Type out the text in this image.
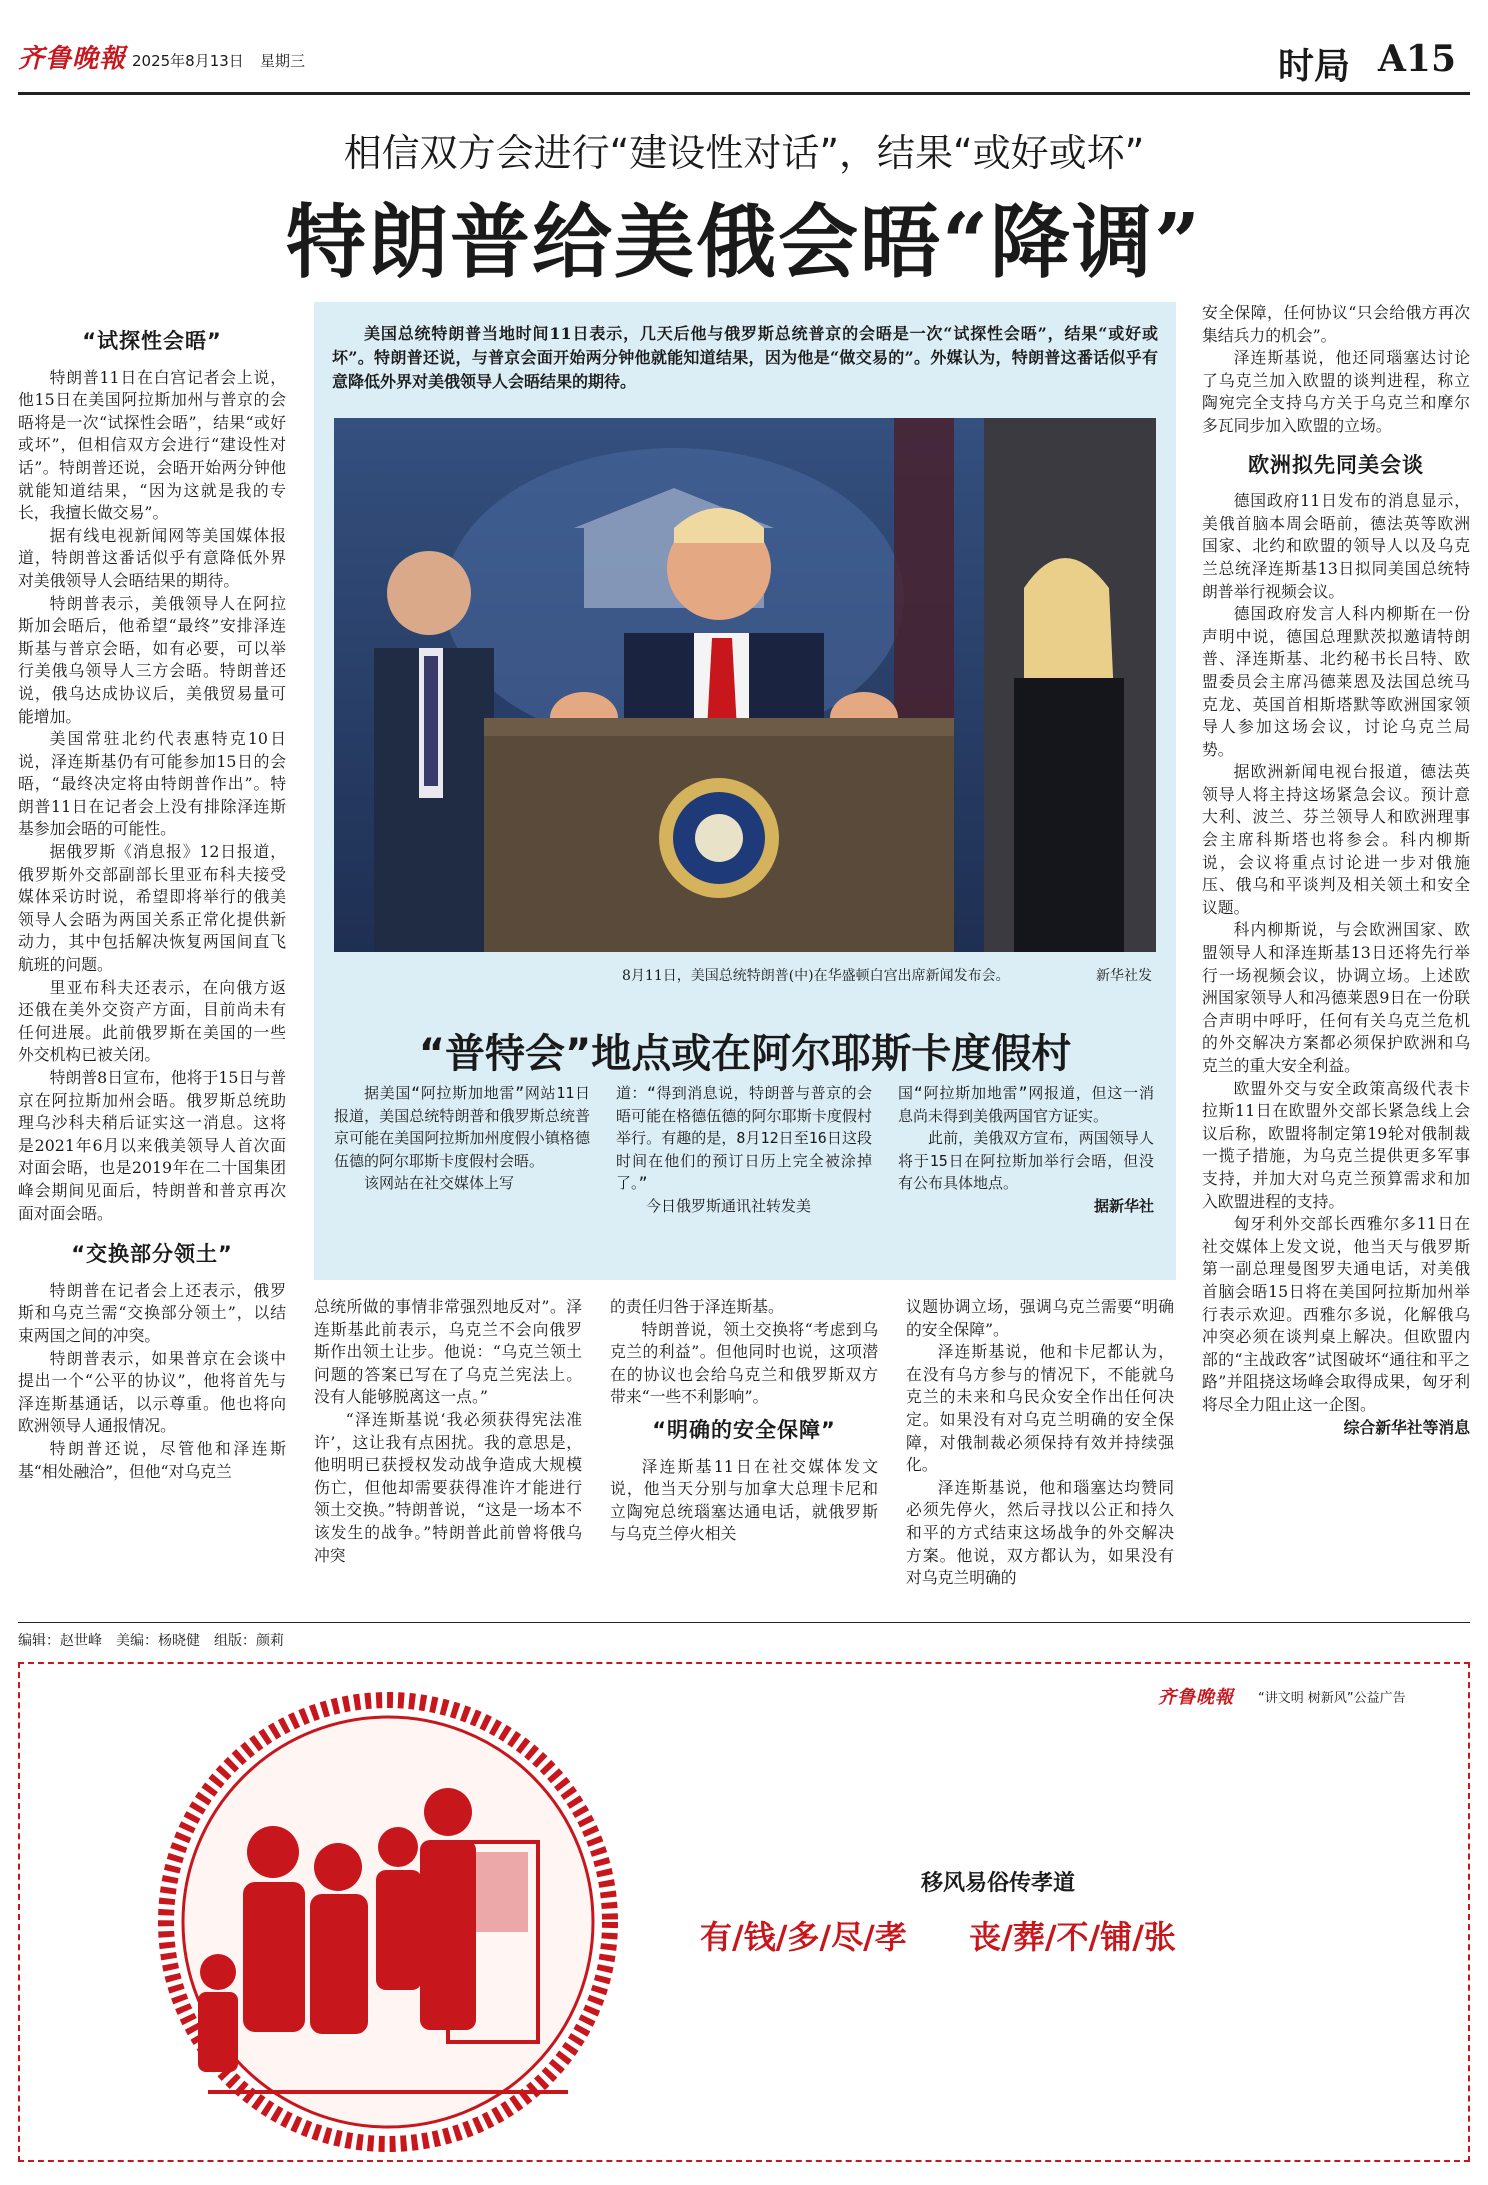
齐鲁晚報 2025年8月13日 星期三	时局 A15
相信双方会进行“建设性对话”，结果“或好或坏”
特朗普给美俄会晤“降调”
“试探性会晤”

特朗普11日在白宫记者会上说，他15日在美国阿拉斯加州与普京的会晤将是一次“试探性会晤”，结果“或好或坏”，但相信双方会进行“建设性对话”。特朗普还说，会晤开始两分钟他就能知道结果，“因为这就是我的专长，我擅长做交易”。

据有线电视新闻网等美国媒体报道，特朗普这番话似乎有意降低外界对美俄领导人会晤结果的期待。

特朗普表示，美俄领导人在阿拉斯加会晤后，他希望“最终”安排泽连斯基与普京会晤，如有必要，可以举行美俄乌领导人三方会晤。特朗普还说，俄乌达成协议后，美俄贸易量可能增加。

美国常驻北约代表惠特克10日说，泽连斯基仍有可能参加15日的会晤，“最终决定将由特朗普作出”。特朗普11日在记者会上没有排除泽连斯基参加会晤的可能性。

据俄罗斯《消息报》12日报道，俄罗斯外交部副部长里亚布科夫接受媒体采访时说，希望即将举行的俄美领导人会晤为两国关系正常化提供新动力，其中包括解决恢复两国间直飞航班的问题。

里亚布科夫还表示，在向俄方返还俄在美外交资产方面，目前尚未有任何进展。此前俄罗斯在美国的一些外交机构已被关闭。

特朗普8日宣布，他将于15日与普京在阿拉斯加州会晤。俄罗斯总统助理乌沙科夫稍后证实这一消息。这将是2021年6月以来俄美领导人首次面对面会晤，也是2019年在二十国集团峰会期间见面后，特朗普和普京再次面对面会晤。

“交换部分领土”

特朗普在记者会上还表示，俄罗斯和乌克兰需“交换部分领土”，以结束两国之间的冲突。

特朗普表示，如果普京在会谈中提出一个“公平的协议”，他将首先与泽连斯基通话，以示尊重。他也将向欧洲领导人通报情况。

特朗普还说，尽管他和泽连斯基“相处融洽”，但他“对乌克兰

美国总统特朗普当地时间11日表示，几天后他与俄罗斯总统普京的会晤是一次“试探性会晤”，结果“或好或坏”。特朗普还说，与普京会面开始两分钟他就能知道结果，因为他是“做交易的”。外媒认为，特朗普这番话似乎有意降低外界对美俄领导人会晤结果的期待。

8月11日，美国总统特朗普(中)在华盛顿白宫出席新闻发布会。	新华社发
“普特会”地点或在阿尔耶斯卡度假村

据美国“阿拉斯加地雷”网站11日报道，美国总统特朗普和俄罗斯总统普京可能在美国阿拉斯加州度假小镇格德伍德的阿尔耶斯卡度假村会晤。

该网站在社交媒体上写

道：“得到消息说，特朗普与普京的会晤可能在格德伍德的阿尔耶斯卡度假村举行。有趣的是，8月12日至16日这段时间在他们的预订日历上完全被涂掉了。”

今日俄罗斯通讯社转发美

国“阿拉斯加地雷”网报道，但这一消息尚未得到美俄两国官方证实。

此前，美俄双方宣布，两国领导人将于15日在阿拉斯加举行会晤，但没有公布具体地点。

据新华社

总统所做的事情非常强烈地反对”。泽连斯基此前表示，乌克兰不会向俄罗斯作出领土让步。他说：“乌克兰领土问题的答案已写在了乌克兰宪法上。没有人能够脱离这一点。”

“泽连斯基说‘我必须获得宪法准许’，这让我有点困扰。我的意思是，他明明已获授权发动战争造成大规模伤亡，但他却需要获得准许才能进行领土交换。”特朗普说，“这是一场本不该发生的战争。”特朗普此前曾将俄乌冲突

的责任归咎于泽连斯基。

特朗普说，领土交换将“考虑到乌克兰的利益”。但他同时也说，这项潜在的协议也会给乌克兰和俄罗斯双方带来“一些不利影响”。

“明确的安全保障”

泽连斯基11日在社交媒体发文说，他当天分别与加拿大总理卡尼和立陶宛总统瑙塞达通电话，就俄罗斯与乌克兰停火相关

议题协调立场，强调乌克兰需要“明确的安全保障”。

泽连斯基说，他和卡尼都认为，在没有乌方参与的情况下，不能就乌克兰的未来和乌民众安全作出任何决定。如果没有对乌克兰明确的安全保障，对俄制裁必须保持有效并持续强化。

泽连斯基说，他和瑙塞达均赞同必须先停火，然后寻找以公正和持久和平的方式结束这场战争的外交解决方案。他说，双方都认为，如果没有对乌克兰明确的

安全保障，任何协议“只会给俄方再次集结兵力的机会”。

泽连斯基说，他还同瑙塞达讨论了乌克兰加入欧盟的谈判进程，称立陶宛完全支持乌方关于乌克兰和摩尔多瓦同步加入欧盟的立场。

欧洲拟先同美会谈

德国政府11日发布的消息显示，美俄首脑本周会晤前，德法英等欧洲国家、北约和欧盟的领导人以及乌克兰总统泽连斯基13日拟同美国总统特朗普举行视频会议。

德国政府发言人科内柳斯在一份声明中说，德国总理默茨拟邀请特朗普、泽连斯基、北约秘书长吕特、欧盟委员会主席冯德莱恩及法国总统马克龙、英国首相斯塔默等欧洲国家领导人参加这场会议，讨论乌克兰局势。

据欧洲新闻电视台报道，德法英领导人将主持这场紧急会议。预计意大利、波兰、芬兰领导人和欧洲理事会主席科斯塔也将参会。科内柳斯说，会议将重点讨论进一步对俄施压、俄乌和平谈判及相关领土和安全议题。

科内柳斯说，与会欧洲国家、欧盟领导人和泽连斯基13日还将先行举行一场视频会议，协调立场。上述欧洲国家领导人和冯德莱恩9日在一份联合声明中呼吁，任何有关乌克兰危机的外交解决方案都必须保护欧洲和乌克兰的重大安全利益。

欧盟外交与安全政策高级代表卡拉斯11日在欧盟外交部长紧急线上会议后称，欧盟将制定第19轮对俄制裁一揽子措施，为乌克兰提供更多军事支持，并加大对乌克兰预算需求和加入欧盟进程的支持。

匈牙利外交部长西雅尔多11日在社交媒体上发文说，他当天与俄罗斯第一副总理曼图罗夫通电话，对美俄首脑会晤15日将在美国阿拉斯加州举行表示欢迎。西雅尔多说，化解俄乌冲突必须在谈判桌上解决。但欧盟内部的“主战政客”试图破坏“通往和平之路”并阻挠这场峰会取得成果，匈牙利将尽全力阻止这一企图。

综合新华社等消息
编辑：赵世峰　美编：杨晓健　组版：颜莉
齐鲁晚報 “讲文明 树新风”公益广告
移风易俗传孝道
有/钱/多/尽/孝 丧/葬/不/铺/张
